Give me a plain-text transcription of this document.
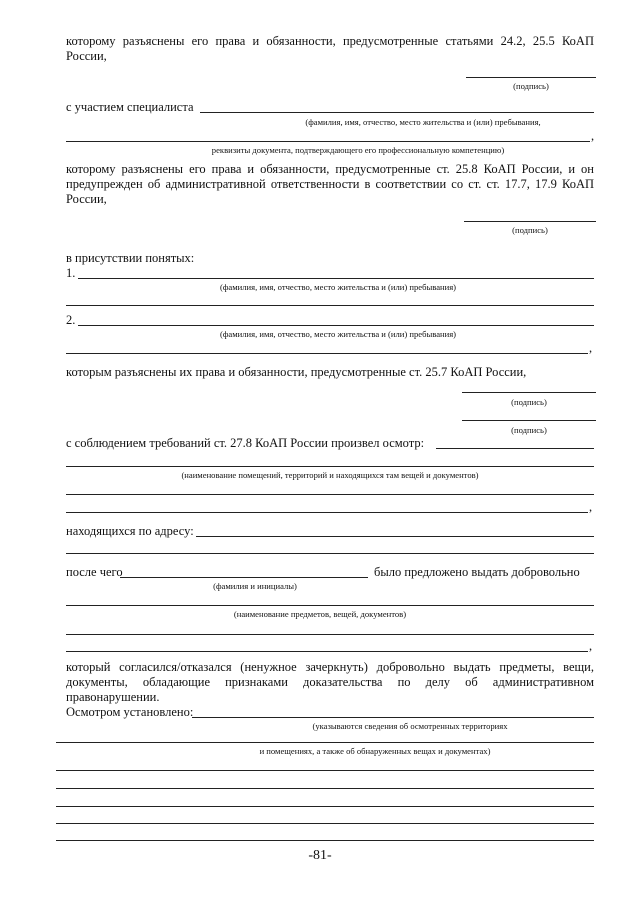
которому разъяснены его права и обязанности, предусмотренные статьями 24.2, 25.5 КоАП
России,
(подпись)
с участием специалиста
(фамилия, имя, отчество, место жительства и (или) пребывания,
,
реквизиты документа, подтверждающего его профессиональную компетенцию)
которому разъяснены его права и обязанности, предусмотренные ст. 25.8 КоАП России, и он
предупрежден об административной ответственности в соответствии со ст. ст. 17.7, 17.9 КоАП
России,
(подпись)
в присутствии понятых:
1.
(фамилия, имя, отчество, место жительства и (или) пребывания)
2.
(фамилия, имя, отчество, место жительства и (или) пребывания)
,
которым разъяснены их права и обязанности, предусмотренные ст. 25.7 КоАП России,
(подпись)
(подпись)
с соблюдением требований ст. 27.8 КоАП России произвел осмотр:
(наименование помещений, территорий и находящихся там вещей и документов)
,
находящихся по адресу:
после чего	было предложено выдать добровольно
(фамилия и инициалы)
(наименование предметов, вещей, документов)
,
который согласился/отказался (ненужное зачеркнуть) добровольно выдать предметы, вещи,
документы, обладающие признаками доказательства по делу об административном
правонарушении.
Осмотром установлено:
(указываются сведения об осмотренных территориях
и помещениях, а также об обнаруженных вещах и документах)
-81-
